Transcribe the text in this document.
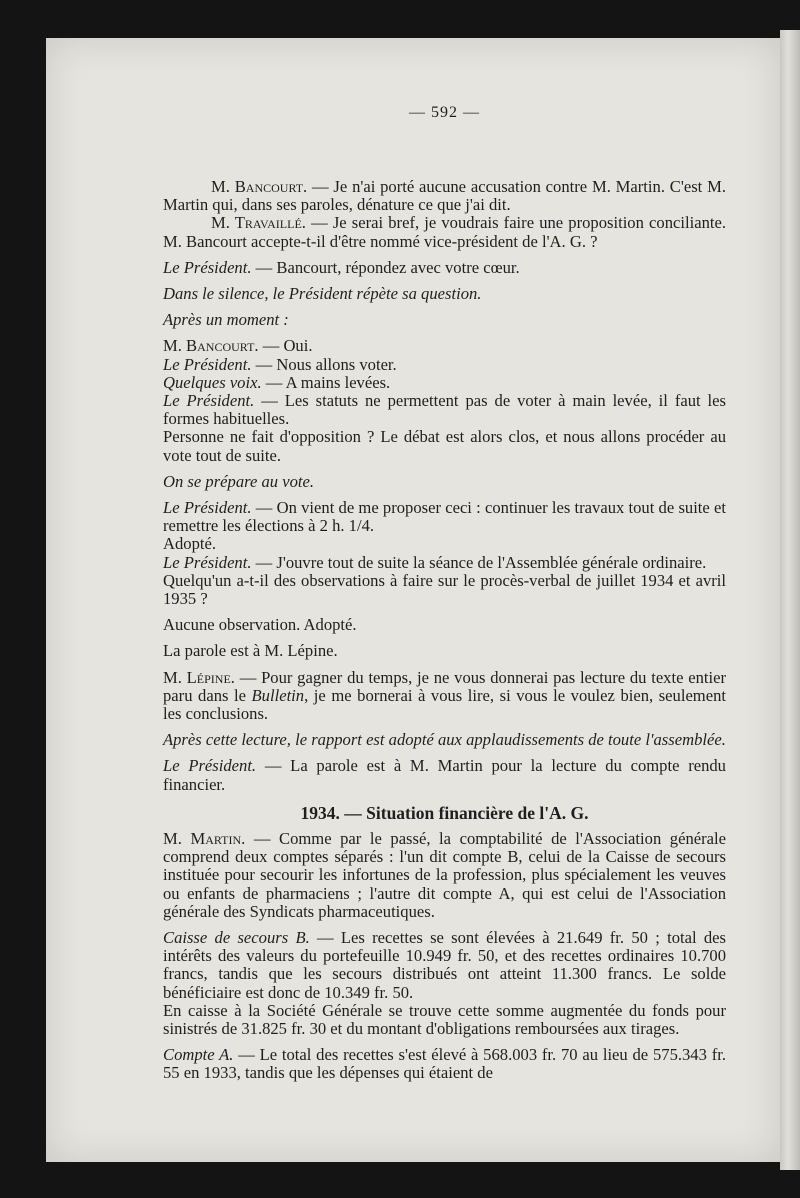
— 592 —

M. Bancourt. — Je n'ai porté aucune accusation contre M. Martin. C'est M. Martin qui, dans ses paroles, dénature ce que j'ai dit.

M. Travaillé. — Je serai bref, je voudrais faire une proposition conciliante. M. Bancourt accepte-t-il d'être nommé vice-président de l'A. G. ?

Le Président. — Bancourt, répondez avec votre cœur.

Dans le silence, le Président répète sa question.

Après un moment :

M. Bancourt. — Oui.

Le Président. — Nous allons voter.

Quelques voix. — A mains levées.

Le Président. — Les statuts ne permettent pas de voter à main levée, il faut les formes habituelles.

Personne ne fait d'opposition ? Le débat est alors clos, et nous allons procéder au vote tout de suite.

On se prépare au vote.

Le Président. — On vient de me proposer ceci : continuer les travaux tout de suite et remettre les élections à 2 h. 1/4.

Adopté.

Le Président. — J'ouvre tout de suite la séance de l'Assemblée générale ordinaire.

Quelqu'un a-t-il des observations à faire sur le procès-verbal de juillet 1934 et avril 1935 ?

Aucune observation. Adopté.

La parole est à M. Lépine.

M. Lépine. — Pour gagner du temps, je ne vous donnerai pas lecture du texte entier paru dans le Bulletin, je me bornerai à vous lire, si vous le voulez bien, seulement les conclusions.

Après cette lecture, le rapport est adopté aux applaudissements de toute l'assemblée.

Le Président. — La parole est à M. Martin pour la lecture du compte rendu financier.

1934. — Situation financière de l'A. G.

M. Martin. — Comme par le passé, la comptabilité de l'Association générale comprend deux comptes séparés : l'un dit compte B, celui de la Caisse de secours instituée pour secourir les infortunes de la profession, plus spécialement les veuves ou enfants de pharmaciens ; l'autre dit compte A, qui est celui de l'Association générale des Syndicats pharmaceutiques.

Caisse de secours B. — Les recettes se sont élevées à 21.649 fr. 50 ; total des intérêts des valeurs du portefeuille 10.949 fr. 50, et des recettes ordinaires 10.700 francs, tandis que les secours distribués ont atteint 11.300 francs. Le solde bénéficiaire est donc de 10.349 fr. 50.

En caisse à la Société Générale se trouve cette somme augmentée du fonds pour sinistrés de 31.825 fr. 30 et du montant d'obligations remboursées aux tirages.

Compte A. — Le total des recettes s'est élevé à 568.003 fr. 70 au lieu de 575.343 fr. 55 en 1933, tandis que les dépenses qui étaient de
